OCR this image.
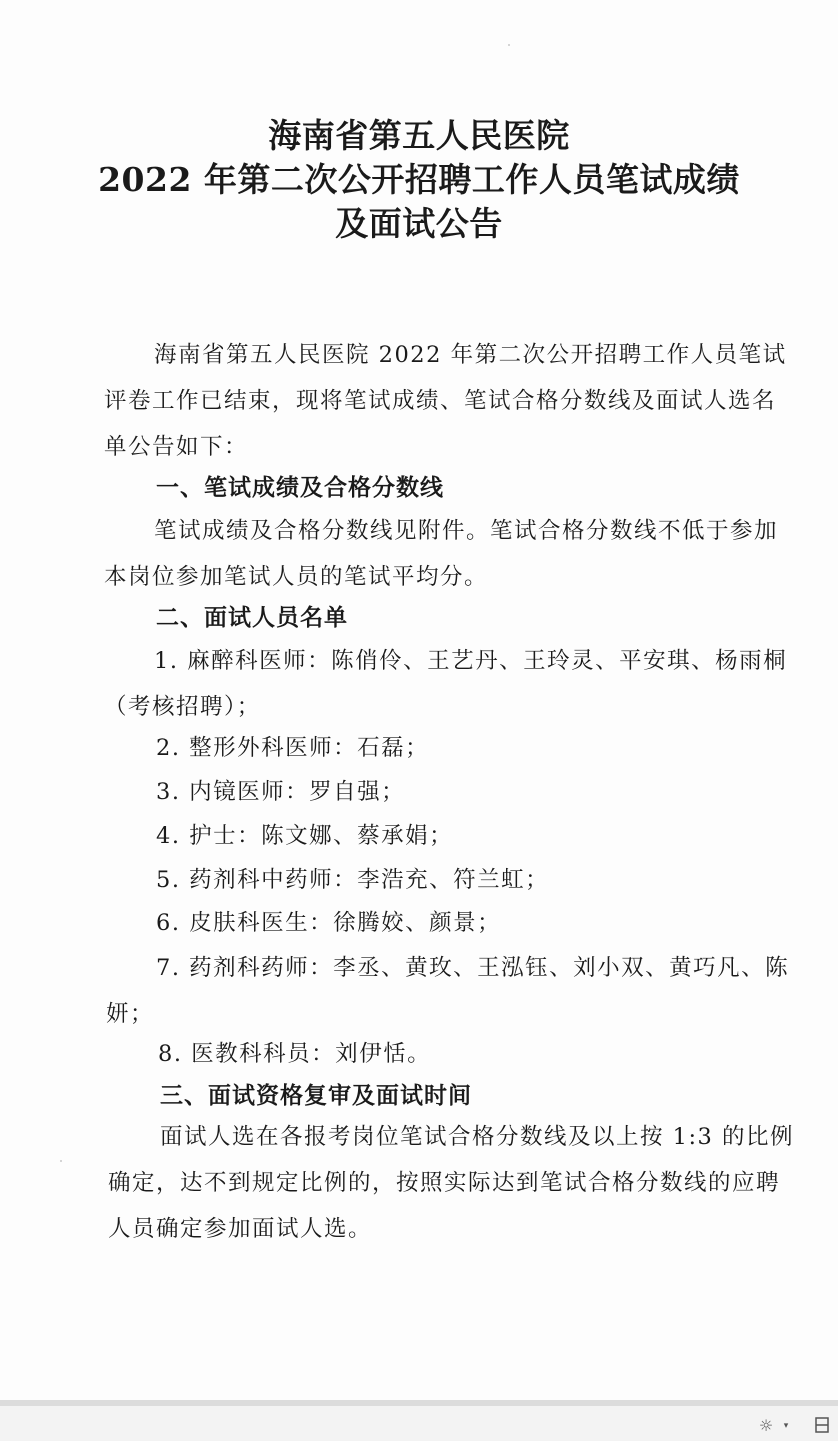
海南省第五人民医院
2022 年第二次公开招聘工作人员笔试成绩
及面试公告

海南省第五人民医院 2022 年第二次公开招聘工作人员笔试评卷工作已结束，现将笔试成绩、笔试合格分数线及面试人选名单公告如下：

一、笔试成绩及合格分数线

笔试成绩及合格分数线见附件。笔试合格分数线不低于参加本岗位参加笔试人员的笔试平均分。

二、面试人员名单

1. 麻醉科医师：陈俏伶、王艺丹、王玲灵、平安琪、杨雨桐（考核招聘）；

2. 整形外科医师：石磊；

3. 内镜医师：罗自强；

4. 护士：陈文娜、蔡承娟；

5. 药剂科中药师：李浩充、符兰虹；

6. 皮肤科医生：徐腾姣、颜景；

7. 药剂科药师：李丞、黄玫、王泓钰、刘小双、黄巧凡、陈妍；

8. 医教科科员：刘伊恬。

三、面试资格复审及面试时间

面试人选在各报考岗位笔试合格分数线及以上按 1:3 的比例确定，达不到规定比例的，按照实际达到笔试合格分数线的应聘人员确定参加面试人选。

☼	▾
